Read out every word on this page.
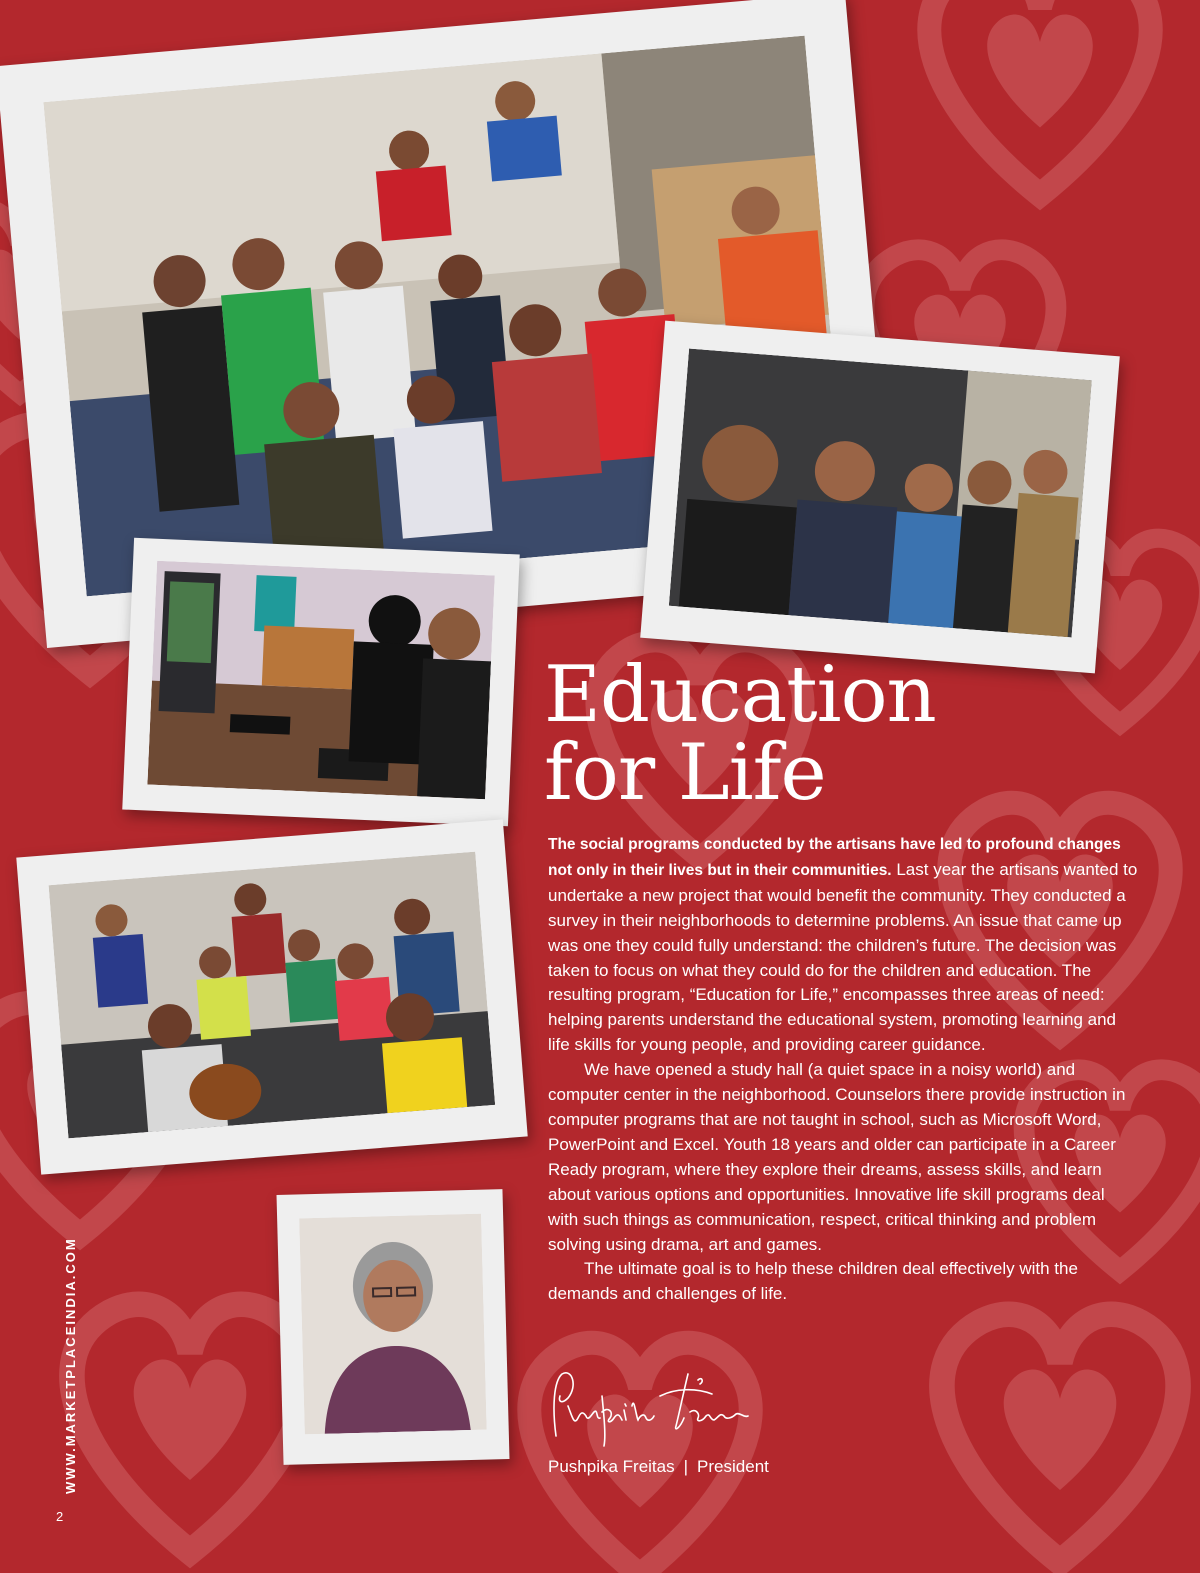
Education
for Life

The social programs conducted by the artisans have led to profound changes not only in their lives but in their communities. Last year the artisans wanted to undertake a new project that would benefit the community. They conducted a survey in their neighborhoods to determine problems. An issue that came up was one they could fully understand: the children’s future. The decision was taken to focus on what they could do for the children and education. The resulting program, “Education for Life,” encompasses three areas of need: helping parents understand the educational system, promoting learning and life skills for young people, and providing career guidance.

We have opened a study hall (a quiet space in a noisy world) and computer center in the neighborhood. Counselors there provide instruction in computer programs that are not taught in school, such as Microsoft Word, PowerPoint and Excel. Youth 18 years and older can participate in a Career Ready program, where they explore their dreams, assess skills, and learn about various options and opportunities. Innovative life skill programs deal with such things as communication, respect, critical thinking and problem solving using drama, art and games.

The ultimate goal is to help these children deal effectively with the demands and challenges of life.

Pushpika Freitas | President
WWW.MARKETPLACEINDIA.COM
2
